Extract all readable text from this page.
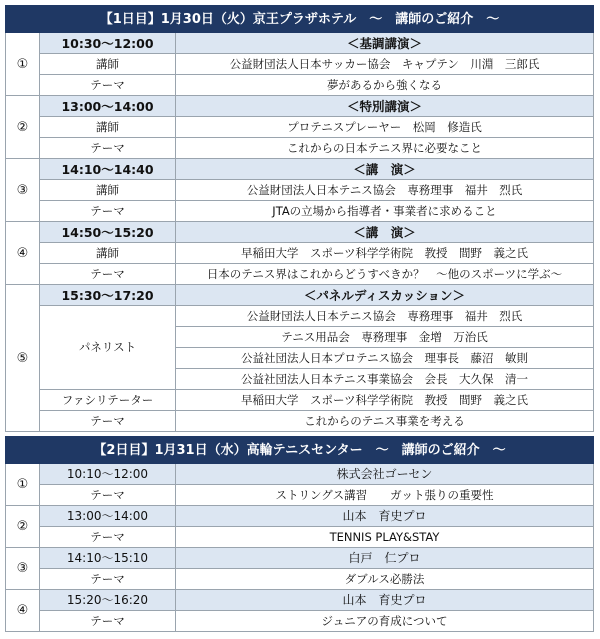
【1日目】1月30日（火）京王プラザホテル　～　講師のご紹介　～		
①	10:30～12:00	＜基調講演＞
	講師	公益財団法人日本サッカー協会　キャプテン　川淵　三郎氏
	テーマ	夢があるから強くなる
②	13:00～14:00	＜特別講演＞
	講師	プロテニスプレーヤー　松岡　修造氏
	テーマ	これからの日本テニス界に必要なこと
③	14:10～14:40	＜講　演＞
	講師	公益財団法人日本テニス協会　専務理事　福井　烈氏
	テーマ	JTAの立場から指導者・事業者に求めること
④	14:50～15:20	＜講　演＞
	講師	早稲田大学　スポーツ科学学術院　教授　間野　義之氏
	テーマ	日本のテニス界はこれからどうすべきか？　～他のスポーツに学ぶ～
⑤	15:30～17:20	＜パネルディスカッション＞
	パネリスト	公益財団法人日本テニス協会　専務理事　福井　烈氏
		テニス用品会　専務理事　金増　万治氏
		公益社団法人日本プロテニス協会　理事長　藤沼　敏則
		公益社団法人日本テニス事業協会　会長　大久保　清一
	ファシリテーター	早稲田大学　スポーツ科学学術院　教授　間野　義之氏
	テーマ	これからのテニス事業を考える
【2日目】1月31日（水）高輪テニスセンター　～　講師のご紹介　～		
①	10:10～12:00	株式会社ゴーセン
	テーマ	ストリングス講習　　ガット張りの重要性
②	13:00～14:00	山本　育史プロ
	テーマ	TENNIS PLAY&STAY
③	14:10～15:10	白戸　仁プロ
	テーマ	ダブルス必勝法
④	15:20～16:20	山本　育史プロ
	テーマ	ジュニアの育成について
